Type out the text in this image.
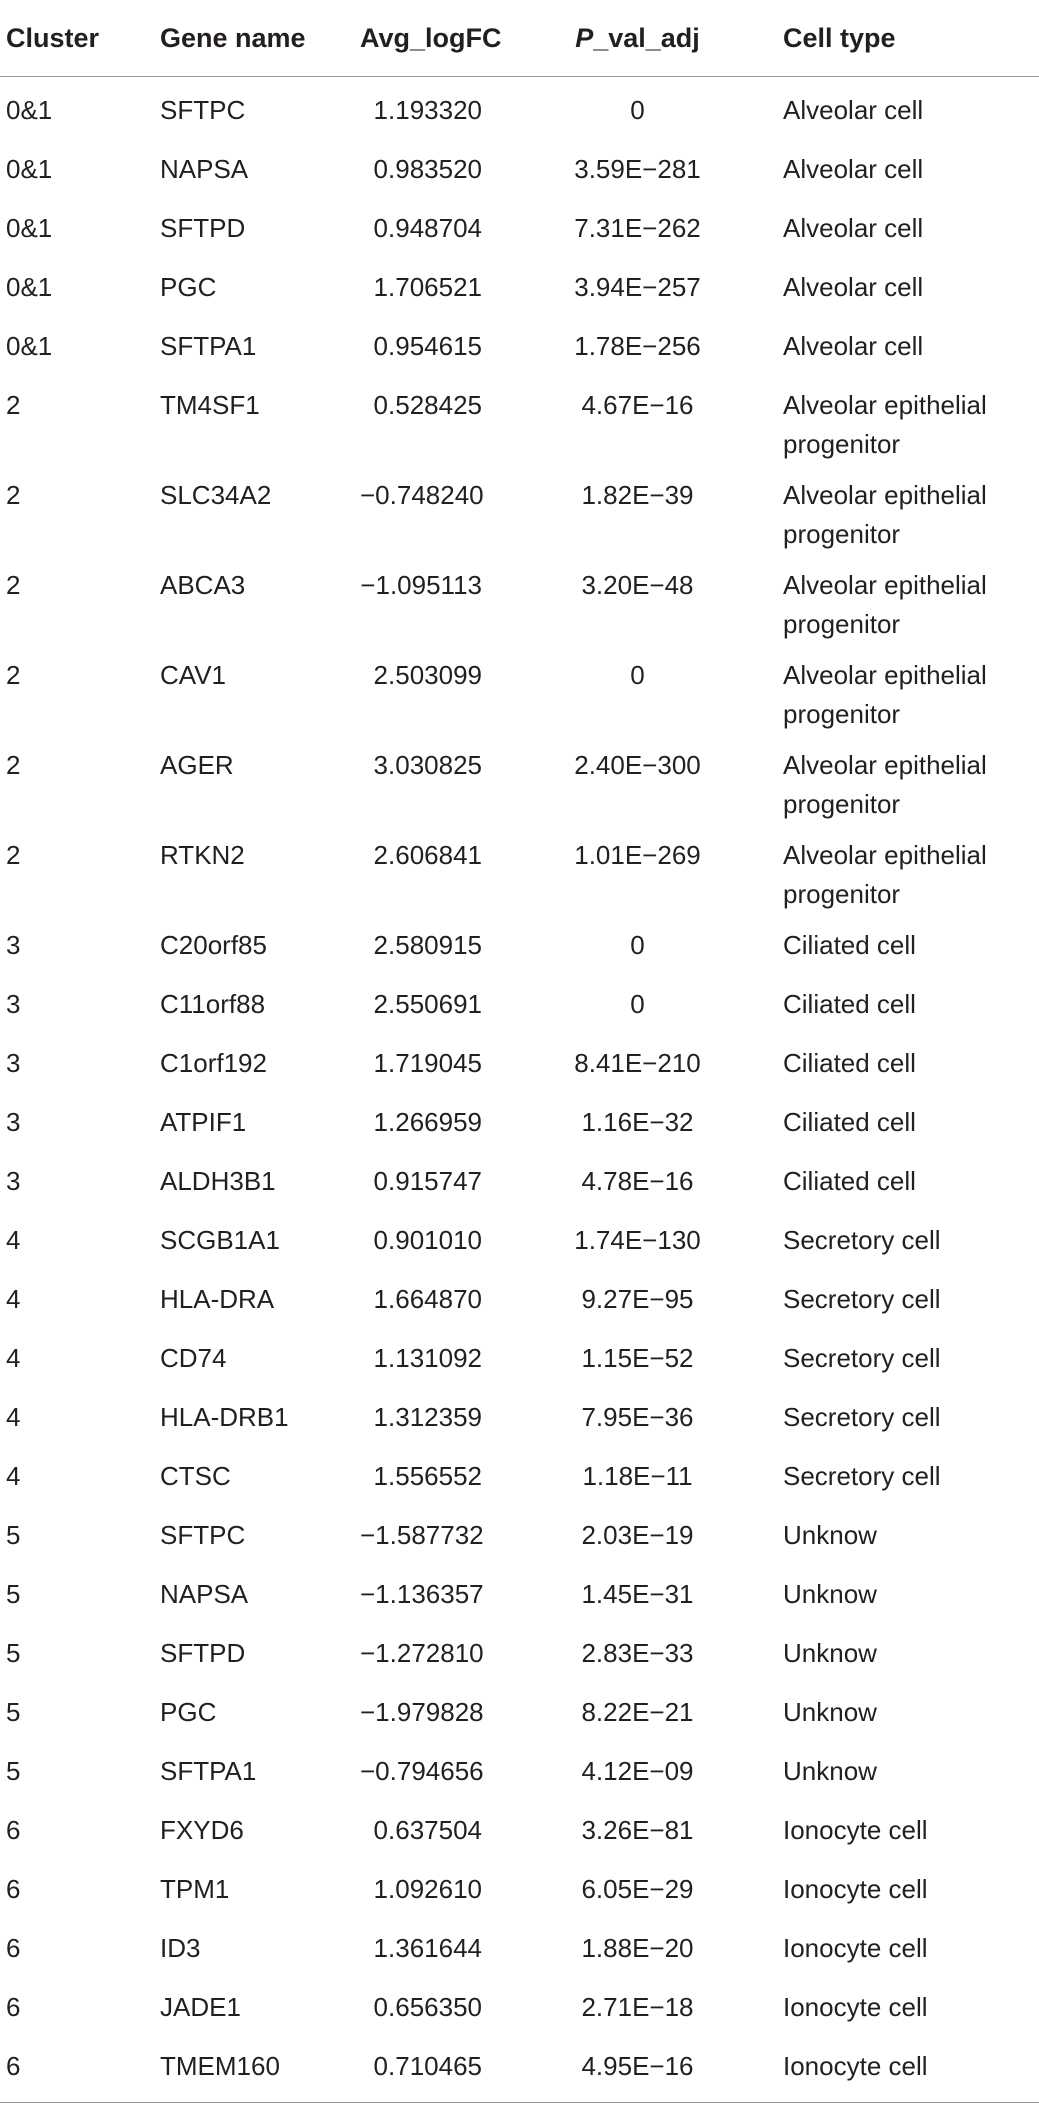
Cluster	Gene name	Avg_logFC	P_val_adj	Cell type
0&1	SFTPC	1.193320	0	Alveolar cell
0&1	NAPSA	0.983520	3.59E−281	Alveolar cell
0&1	SFTPD	0.948704	7.31E−262	Alveolar cell
0&1	PGC	1.706521	3.94E−257	Alveolar cell
0&1	SFTPA1	0.954615	1.78E−256	Alveolar cell
2	TM4SF1	0.528425	4.67E−16	Alveolar epithelial progenitor
2	SLC34A2	−0.748240	1.82E−39	Alveolar epithelial progenitor
2	ABCA3	−1.095113	3.20E−48	Alveolar epithelial progenitor
2	CAV1	2.503099	0	Alveolar epithelial progenitor
2	AGER	3.030825	2.40E−300	Alveolar epithelial progenitor
2	RTKN2	2.606841	1.01E−269	Alveolar epithelial progenitor
3	C20orf85	2.580915	0	Ciliated cell
3	C11orf88	2.550691	0	Ciliated cell
3	C1orf192	1.719045	8.41E−210	Ciliated cell
3	ATPIF1	1.266959	1.16E−32	Ciliated cell
3	ALDH3B1	0.915747	4.78E−16	Ciliated cell
4	SCGB1A1	0.901010	1.74E−130	Secretory cell
4	HLA-DRA	1.664870	9.27E−95	Secretory cell
4	CD74	1.131092	1.15E−52	Secretory cell
4	HLA-DRB1	1.312359	7.95E−36	Secretory cell
4	CTSC	1.556552	1.18E−11	Secretory cell
5	SFTPC	−1.587732	2.03E−19	Unknow
5	NAPSA	−1.136357	1.45E−31	Unknow
5	SFTPD	−1.272810	2.83E−33	Unknow
5	PGC	−1.979828	8.22E−21	Unknow
5	SFTPA1	−0.794656	4.12E−09	Unknow
6	FXYD6	0.637504	3.26E−81	Ionocyte cell
6	TPM1	1.092610	6.05E−29	Ionocyte cell
6	ID3	1.361644	1.88E−20	Ionocyte cell
6	JADE1	0.656350	2.71E−18	Ionocyte cell
6	TMEM160	0.710465	4.95E−16	Ionocyte cell
